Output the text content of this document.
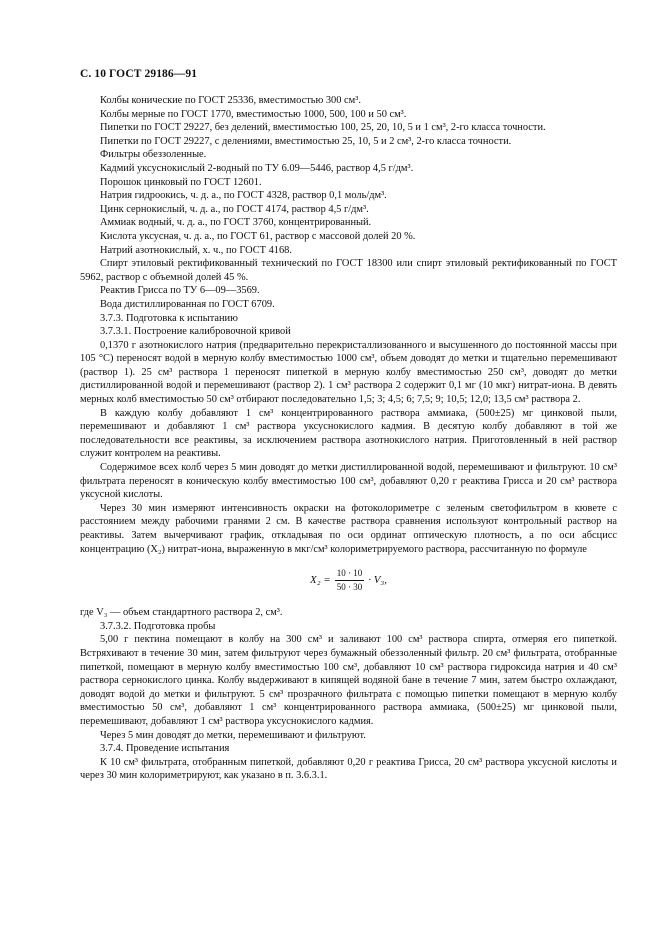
С. 10 ГОСТ 29186—91

Колбы конические по ГОСТ 25336, вместимостью 300 см³.

Колбы мерные по ГОСТ 1770, вместимостью 1000, 500, 100 и 50 см³.

Пипетки по ГОСТ 29227, без делений, вместимостью 100, 25, 20, 10, 5 и 1 см³, 2-го класса точности.

Пипетки по ГОСТ 29227, с делениями, вместимостью 25, 10, 5 и 2 см³, 2-го класса точности.

Фильтры обеззоленные.

Кадмий уксуснокислый 2-водный по ТУ 6.09—5446, раствор 4,5 г/дм³.

Порошок цинковый по ГОСТ 12601.

Натрия гидроокись, ч. д. а., по ГОСТ 4328, раствор 0,1 моль/дм³.

Цинк сернокислый, ч. д. а., по ГОСТ 4174, раствор 4,5 г/дм³.

Аммиак водный, ч. д. а., по ГОСТ 3760, концентрированный.

Кислота уксусная, ч. д. а., по ГОСТ 61, раствор с массовой долей 20 %.

Натрий азотнокислый, х. ч., по ГОСТ 4168.

Спирт этиловый ректификованный технический по ГОСТ 18300 или спирт этиловый ректификованный по ГОСТ 5962, раствор с объемной долей 45 %.

Реактив Грисса по ТУ 6—09—3569.

Вода дистиллированная по ГОСТ 6709.

3.7.3. Подготовка к испытанию

3.7.3.1. Построение калибровочной кривой

0,1370 г азотнокислого натрия (предварительно перекристаллизованного и высушенного до постоянной массы при 105 °С) переносят водой в мерную колбу вместимостью 1000 см³, объем доводят до метки и тщательно перемешивают (раствор 1). 25 см³ раствора 1 переносят пипеткой в мерную колбу вместимостью 250 см³, доводят до метки дистиллированной водой и перемешивают (раствор 2). 1 см³ раствора 2 содержит 0,1 мг (10 мкг) нитрат-иона. В девять мерных колб вместимостью 50 см³ отбирают последовательно 1,5; 3; 4,5; 6; 7,5; 9; 10,5; 12,0; 13,5 см³ раствора 2.

В каждую колбу добавляют 1 см³ концентрированного раствора аммиака, (500±25) мг цинковой пыли, перемешивают и добавляют 1 см³ раствора уксуснокислого кадмия. В десятую колбу добавляют в той же последовательности все реактивы, за исключением раствора азотнокислого натрия. Приготовленный в ней раствор служит контролем на реактивы.

Содержимое всех колб через 5 мин доводят до метки дистиллированной водой, перемешивают и фильтруют. 10 см³ фильтрата переносят в коническую колбу вместимостью 100 см³, добавляют 0,20 г реактива Грисса и 20 см³ раствора уксусной кислоты.

Через 30 мин измеряют интенсивность окраски на фотоколориметре с зеленым светофильтром в кювете с расстоянием между рабочими гранями 2 см. В качестве раствора сравнения используют контрольный раствор на реактивы. Затем вычерчивают график, откладывая по оси ординат оптическую плотность, а по оси абсцисс концентрацию (X₂) нитрат-иона, выраженную в мкг/см³ колориметрируемого раствора, рассчитанную по формуле

$X_2 = \frac{10 \cdot 10}{50 \cdot 30} \cdot V_3$,

где V₃ — объем стандартного раствора 2, см³.

3.7.3.2. Подготовка пробы

5,00 г пектина помещают в колбу на 300 см³ и заливают 100 см³ раствора спирта, отмеряя его пипеткой. Встряхивают в течение 30 мин, затем фильтруют через бумажный обеззоленный фильтр. 20 см³ фильтрата, отобранные пипеткой, помещают в мерную колбу вместимостью 100 см³, добавляют 10 см³ раствора гидроксида натрия и 40 см³ раствора сернокислого цинка. Колбу выдерживают в кипящей водяной бане в течение 7 мин, затем быстро охлаждают, доводят водой до метки и фильтруют. 5 см³ прозрачного фильтрата с помощью пипетки помещают в мерную колбу вместимостью 50 см³, добавляют 1 см³ концентрированного раствора аммиака, (500±25) мг цинковой пыли, перемешивают, добавляют 1 см³ раствора уксуснокислого кадмия.

Через 5 мин доводят до метки, перемешивают и фильтруют.

3.7.4. Проведение испытания

К 10 см³ фильтрата, отобранным пипеткой, добавляют 0,20 г реактива Грисса, 20 см³ раствора уксусной кислоты и через 30 мин колориметрируют, как указано в п. 3.6.3.1.
